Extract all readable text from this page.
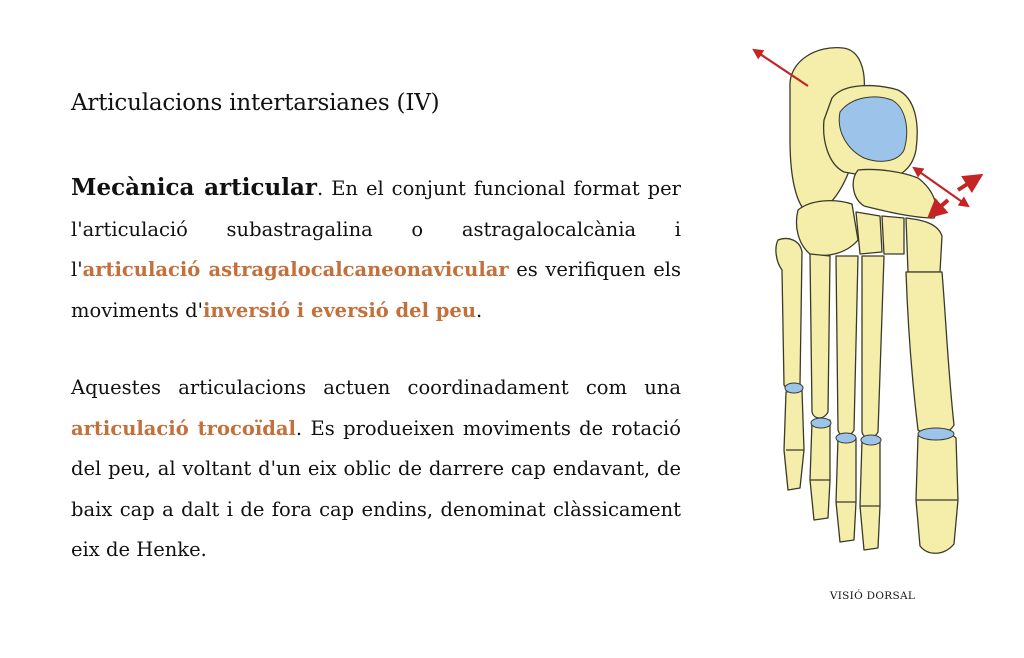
Articulacions intertarsianes (IV)

Mecànica articular. En el conjunt funcional format per l'articulació subastragalina o astragalocalcània i l'articulació astragalocalcaneonavicular es verifiquen els moviments d'inversió i eversió del peu.

Aquestes articulacions actuen coordinadament com una articulació trocoïdal. Es produeixen moviments de rotació del peu, al voltant d'un eix oblic de darrere cap endavant, de baix cap a dalt i de fora cap endins, denominat clàssicament eix de Henke.

VISIÓ DORSAL
